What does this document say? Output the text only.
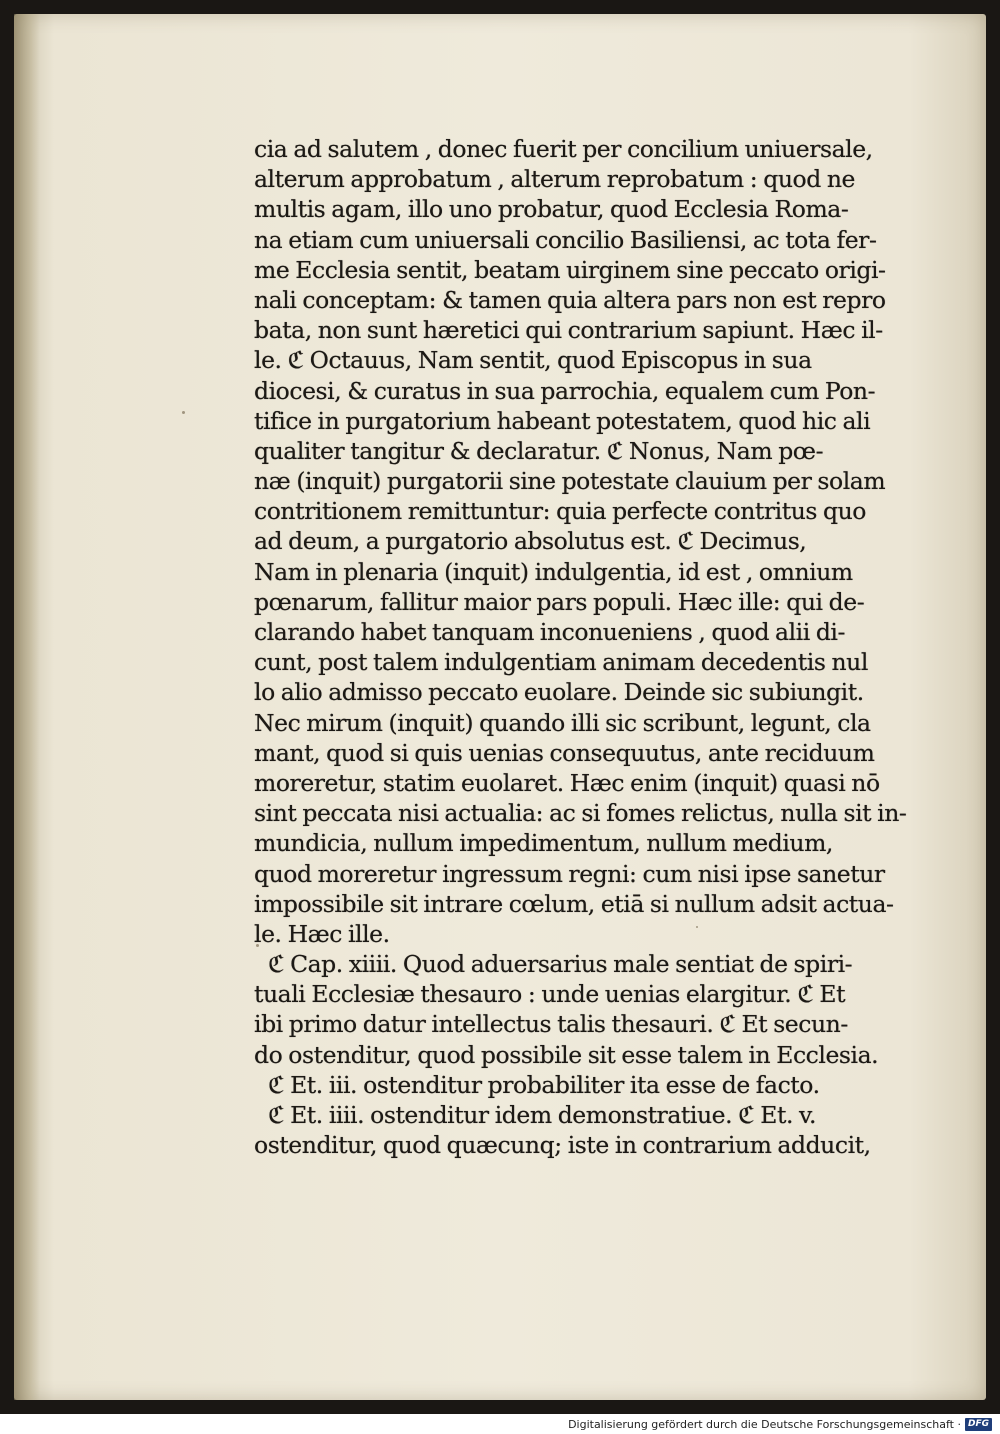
cia ad salutem , donec fuerit per concilium uniuersale,
alterum approbatum , alterum reprobatum : quod ne
multis agam, illo uno probatur, quod Ecclesia Roma-
na etiam cum uniuersali concilio Basiliensi, ac tota fer-
me Ecclesia sentit, beatam uirginem sine peccato origi-
nali conceptam: & tamen quia altera pars non est repro
bata, non sunt hæretici qui contrarium sapiunt. Hæc il-
le. ℭ Octauus, Nam sentit, quod Episcopus in sua
diocesi, & curatus in sua parrochia, equalem cum Pon-
tifice in purgatorium habeant potestatem, quod hic ali
qualiter tangitur & declaratur. ℭ Nonus, Nam pœ-
næ (inquit) purgatorii sine potestate clauium per solam
contritionem remittuntur: quia perfecte contritus quo
ad deum, a purgatorio absolutus est. ℭ Decimus,
Nam in plenaria (inquit) indulgentia, id est , omnium
pœnarum, fallitur maior pars populi. Hæc ille: qui de-
clarando habet tanquam inconueniens , quod alii di-
cunt, post talem indulgentiam animam decedentis nul
lo alio admisso peccato euolare. Deinde sic subiungit.
Nec mirum (inquit) quando illi sic scribunt, legunt, cla
mant, quod si quis uenias consequutus, ante reciduum
moreretur, statim euolaret. Hæc enim (inquit) quasi nō
sint peccata nisi actualia: ac si fomes relictus, nulla sit in-
mundicia, nullum impedimentum, nullum medium,
quod moreretur ingressum regni: cum nisi ipse sanetur
impossibile sit intrare cœlum, etiā si nullum adsit actua-
le. Hæc ille.
ℭ Cap. xiiii. Quod aduersarius male sentiat de spiri-
tuali Ecclesiæ thesauro : unde uenias elargitur. ℭ Et
ibi primo datur intellectus talis thesauri. ℭ Et secun-
do ostenditur, quod possibile sit esse talem in Ecclesia.
ℭ Et. iii. ostenditur probabiliter ita esse de facto.
ℭ Et. iiii. ostenditur idem demonstratiue. ℭ Et. v.
ostenditur, quod quæcunq; iste in contrarium adducit,
Digitalisierung gefördert durch die Deutsche Forschungsgemeinschaft · DFG
